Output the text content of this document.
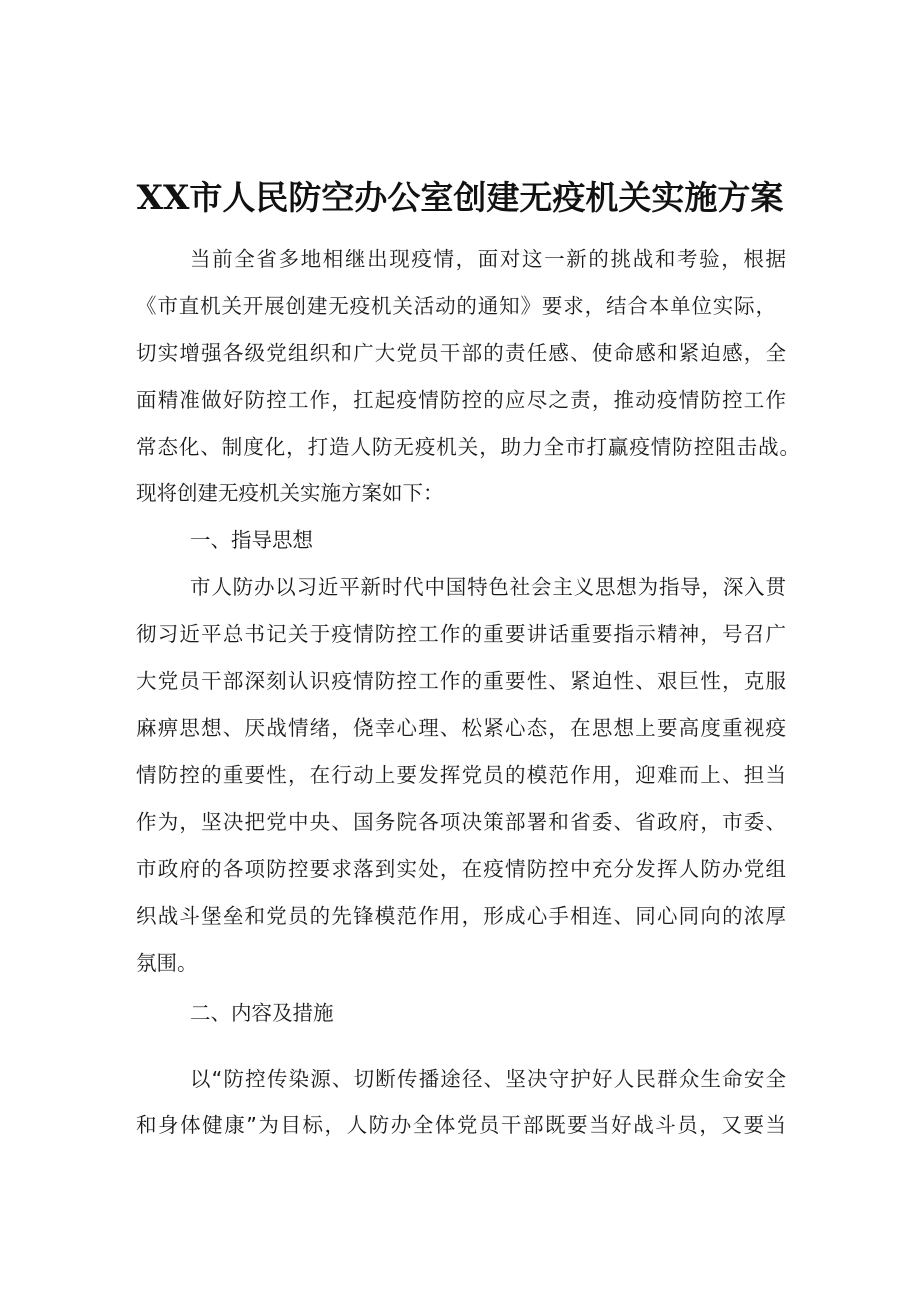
XX市人民防空办公室创建无疫机关实施方案
当前全省多地相继出现疫情，面对这一新的挑战和考验，根据
《市直机关开展创建无疫机关活动的通知》要求，结合本单位实际，
切实增强各级党组织和广大党员干部的责任感、使命感和紧迫感，全
面精准做好防控工作，扛起疫情防控的应尽之责，推动疫情防控工作
常态化、制度化，打造人防无疫机关，助力全市打赢疫情防控阻击战。
现将创建无疫机关实施方案如下：
一、指导思想
市人防办以习近平新时代中国特色社会主义思想为指导，深入贯
彻习近平总书记关于疫情防控工作的重要讲话重要指示精神，号召广
大党员干部深刻认识疫情防控工作的重要性、紧迫性、艰巨性，克服
麻痹思想、厌战情绪，侥幸心理、松紧心态，在思想上要高度重视疫
情防控的重要性，在行动上要发挥党员的模范作用，迎难而上、担当
作为，坚决把党中央、国务院各项决策部署和省委、省政府，市委、
市政府的各项防控要求落到实处，在疫情防控中充分发挥人防办党组
织战斗堡垒和党员的先锋模范作用，形成心手相连、同心同向的浓厚
氛围。
二、内容及措施
以“防控传染源、切断传播途径、坚决守护好人民群众生命安全
和身体健康”为目标，人防办全体党员干部既要当好战斗员，又要当
